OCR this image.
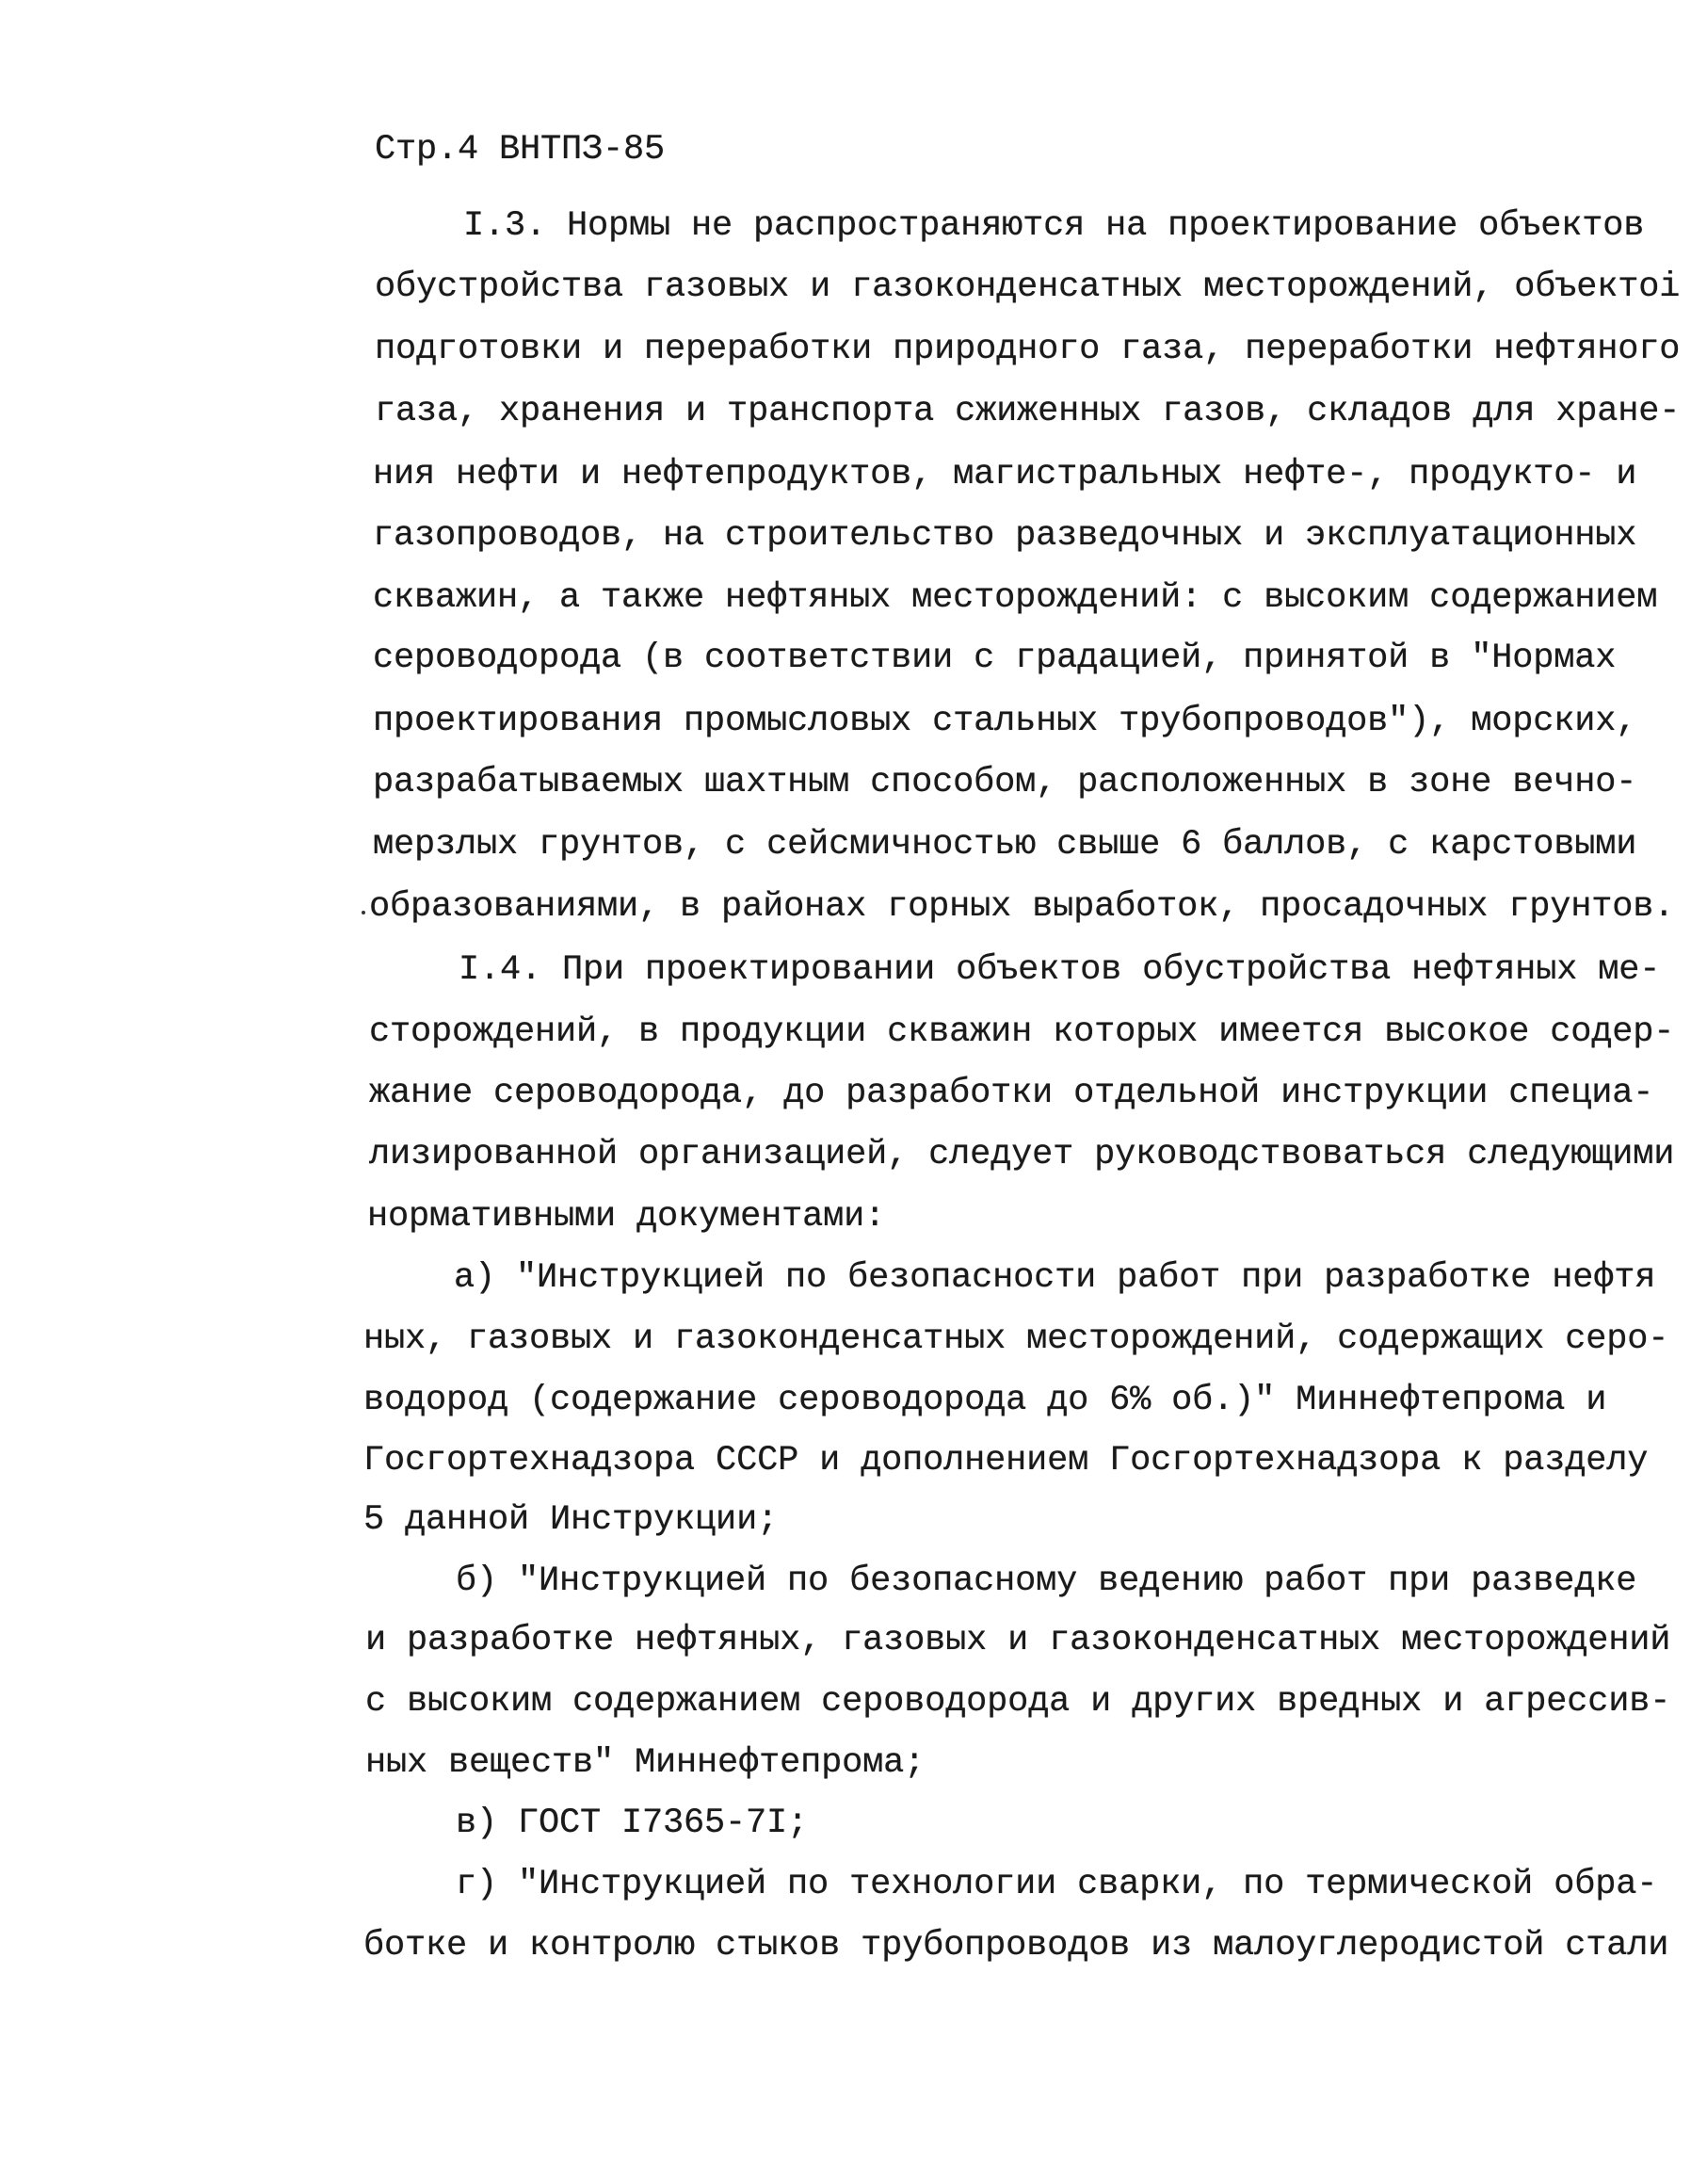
Стр.4 ВНТПЗ-85
I.3. Нормы не распространяются на проектирование объектов
обустройства газовых и газоконденсатных месторождений, объектоі
подготовки и переработки природного газа, переработки нефтяного
газа, хранения и транспорта сжиженных газов, складов для хране-
ния нефти и нефтепродуктов, магистральных нефте-, продукто- и
газопроводов, на строительство разведочных и эксплуатационных
скважин, а также нефтяных месторождений: с высоким содержанием
сероводорода (в соответствии с градацией, принятой в "Нормах
проектирования промысловых стальных трубопроводов"), морских,
разрабатываемых шахтным способом, расположенных в зоне вечно-
мерзлых грунтов, с сейсмичностью свыше 6 баллов, с карстовыми
образованиями, в районах горных выработок, просадочных грунтов.
I.4. При проектировании объектов обустройства нефтяных ме-
сторождений, в продукции скважин которых имеется высокое содер-
жание сероводорода, до разработки отдельной инструкции специа-
лизированной организацией, следует руководствоваться следующими
нормативными документами:
а) "Инструкцией по безопасности работ при разработке нефтя
ных, газовых и газоконденсатных месторождений, содержащих серо-
водород (содержание сероводорода до 6% об.)" Миннефтепрома и
Госгортехнадзора СССР и дополнением Госгортехнадзора к разделу
5 данной Инструкции;
б) "Инструкцией по безопасному ведению работ при разведке
и разработке нефтяных, газовых и газоконденсатных месторождений
с высоким содержанием сероводорода и других вредных и агрессив-
ных веществ" Миннефтепрома;
в) ГОСТ I7365-7I;
г) "Инструкцией по технологии сварки, по термической обра-
ботке и контролю стыков трубопроводов из малоуглеродистой стали
